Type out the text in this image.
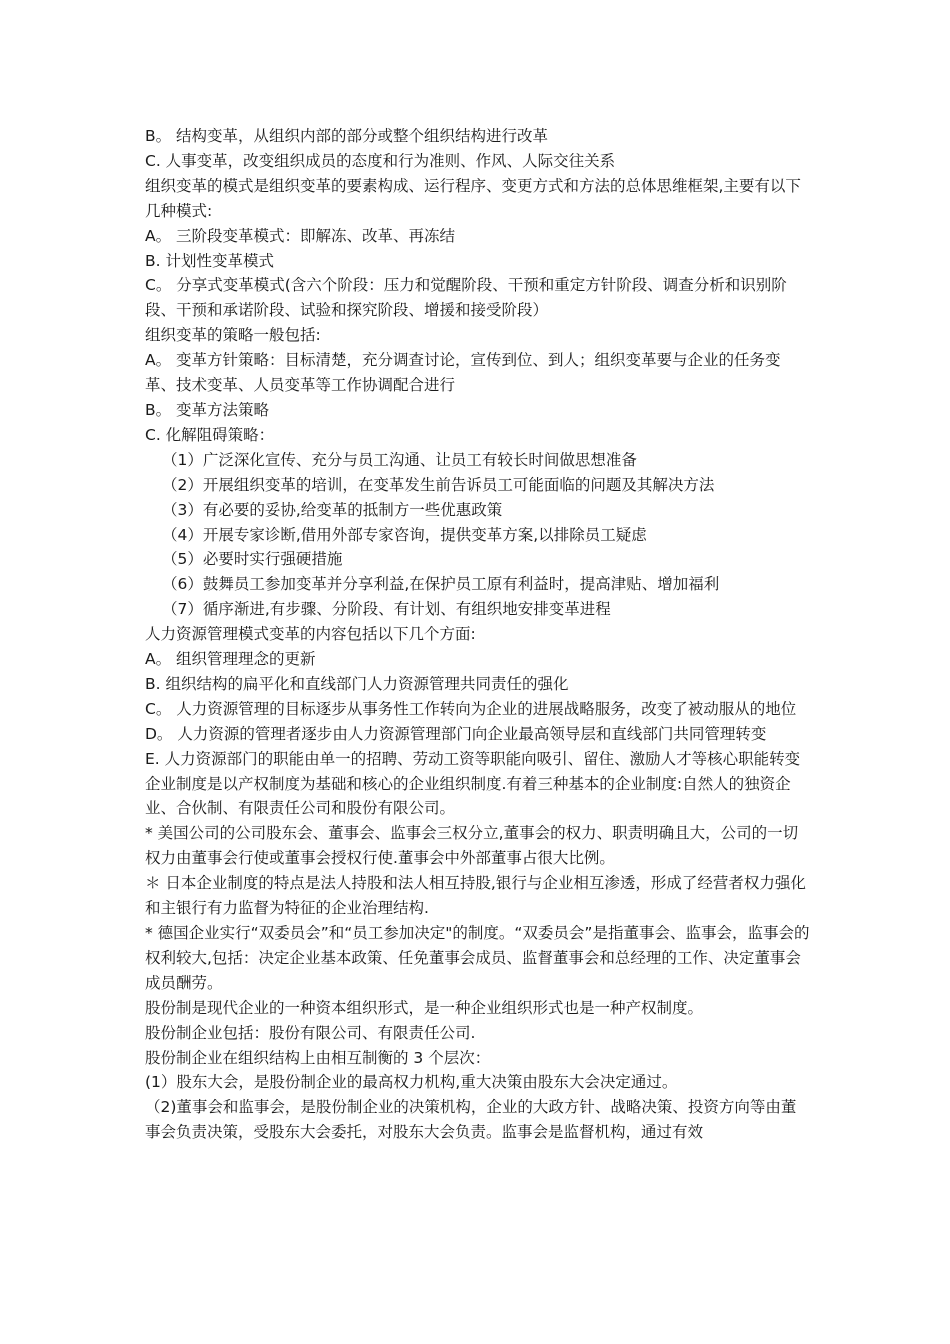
B。 结构变革，从组织内部的部分或整个组织结构进行改革

C. 人事变革，改变组织成员的态度和行为准则、作风、人际交往关系

组织变革的模式是组织变革的要素构成、运行程序、变更方式和方法的总体思维框架,主要有以下几种模式:

A。 三阶段变革模式：即解冻、改革、再冻结

B. 计划性变革模式

C。 分享式变革模式(含六个阶段：压力和觉醒阶段、干预和重定方针阶段、调查分析和识别阶段、干预和承诺阶段、试验和探究阶段、增援和接受阶段）

组织变革的策略一般包括:

A。 变革方针策略：目标清楚，充分调查讨论，宣传到位、到人；组织变革要与企业的任务变革、技术变革、人员变革等工作协调配合进行

B。 变革方法策略

C. 化解阻碍策略：

（1）广泛深化宣传、充分与员工沟通、让员工有较长时间做思想准备

（2）开展组织变革的培训，在变革发生前告诉员工可能面临的问题及其解决方法

（3）有必要的妥协,给变革的抵制方一些优惠政策

（4）开展专家诊断,借用外部专家咨询，提供变革方案,以排除员工疑虑

（5）必要时实行强硬措施

（6）鼓舞员工参加变革并分享利益,在保护员工原有利益时，提高津贴、增加福利

（7）循序渐进,有步骤、分阶段、有计划、有组织地安排变革进程

人力资源管理模式变革的内容包括以下几个方面:

A。 组织管理理念的更新

B. 组织结构的扁平化和直线部门人力资源管理共同责任的强化

C。 人力资源管理的目标逐步从事务性工作转向为企业的进展战略服务，改变了被动服从的地位

D。 人力资源的管理者逐步由人力资源管理部门向企业最高领导层和直线部门共同管理转变

E. 人力资源部门的职能由单一的招聘、劳动工资等职能向吸引、留住、激励人才等核心职能转变

企业制度是以产权制度为基础和核心的企业组织制度.有着三种基本的企业制度:自然人的独资企业、合伙制、有限责任公司和股份有限公司。

* 美国公司的公司股东会、董事会、监事会三权分立,董事会的权力、职责明确且大，公司的一切权力由董事会行使或董事会授权行使.董事会中外部董事占很大比例。

＊ 日本企业制度的特点是法人持股和法人相互持股,银行与企业相互渗透，形成了经营者权力强化和主银行有力监督为特征的企业治理结构.

* 德国企业实行“双委员会”和“员工参加决定"的制度。“双委员会”是指董事会、监事会，监事会的权利较大,包括：决定企业基本政策、任免董事会成员、监督董事会和总经理的工作、决定董事会成员酬劳。

股份制是现代企业的一种资本组织形式，是一种企业组织形式也是一种产权制度。

股份制企业包括：股份有限公司、有限责任公司.

股份制企业在组织结构上由相互制衡的 3 个层次：

(1）股东大会，是股份制企业的最高权力机构,重大决策由股东大会决定通过。

（2)董事会和监事会，是股份制企业的决策机构，企业的大政方针、战略决策、投资方向等由董事会负责决策，受股东大会委托，对股东大会负责。监事会是监督机构，通过有效
